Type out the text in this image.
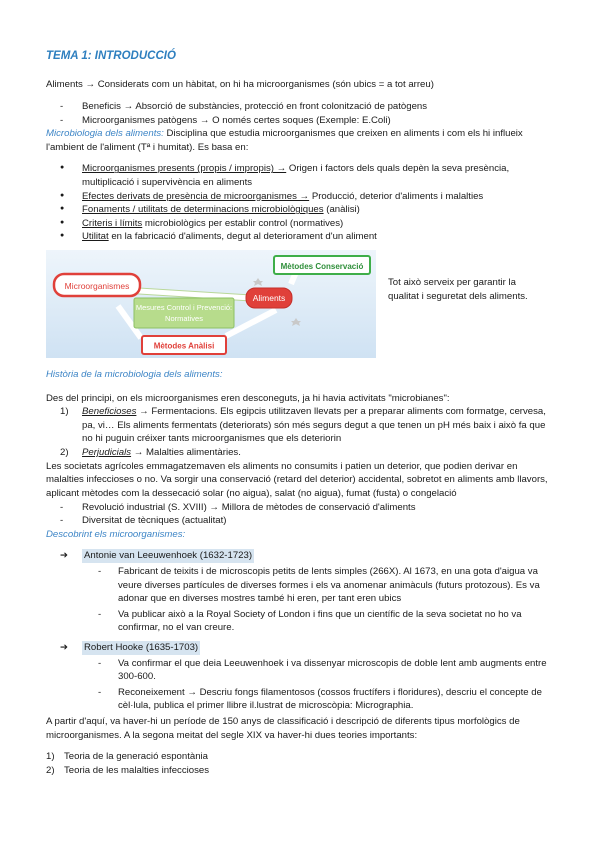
TEMA 1: INTRODUCCIÓ

Aliments → Considerats com un hàbitat, on hi ha microorganismes (són ubics = a tot arreu)

- Beneficis → Absorció de substàncies, protecció en front colonització de patògens
- Microorganismes patògens → O només certes soques (Exemple: E.Coli)

Microbiologia dels aliments: Disciplina que estudia microorganismes que creixen en aliments i com els hi influeix l'ambient de l'aliment (Tª i humitat). Es basa en:

● Microorganismes presents (propis / impropis) → Origen i factors dels quals depèn la seva presència, multiplicació i supervivència en aliments
● Efectes derivats de presència de microorganismes → Producció, deterior d'aliments i malalties
● Fonaments / utilitats de determinacions microbiològiques (anàlisi)
● Criteris i límits microbiològics per establir control (normatives)
● Utilitat en la fabricació d'aliments, degut al deteriorament d'un aliment
Microorganismes
Mètodes Conservació
Aliments
Mesures Control i Prevenció:
Normatives
Mètodes Anàlisi

Tot això serveix per garantir la qualitat i seguretat dels aliments.

Història de la microbiologia dels aliments:

Des del principi, on els microorganismes eren desconeguts, ja hi havia activitats "microbianes":

1) Beneficioses → Fermentacions. Els egipcis utilitzaven llevats per a preparar aliments com formatge, cervesa, pa, vi… Els aliments fermentats (deteriorats) són més segurs degut a que tenen un pH més baix i això fa que no hi puguin créixer tants microorganismes que els deteriorin
2) Perjudicials → Malalties alimentàries.

Les societats agrícoles emmagatzemaven els aliments no consumits i patien un deterior, que podien derivar en malalties infeccioses o no. Va sorgir una conservació (retard del deterior) accidental, sobretot en aliments amb llavors, aplicant mètodes com la dessecació solar (no aigua), salat (no aigua), fumat (fusta) o congelació

- Revolució industrial (S. XVIII) → Millora de mètodes de conservació d'aliments
- Diversitat de tècniques (actualitat)

Descobrint els microorganismes:

➔ Antonie van Leeuwenhoek (1632-1723)
- Fabricant de teixits i de microscopis petits de lents simples (266X). Al 1673, en una gota d'aigua va veure diverses partícules de diverses formes i els va anomenar animàculs (futurs protozous). Es va adonar que en diverses mostres també hi eren, per tant eren ubics
- Va publicar això a la Royal Society of London i fins que un científic de la seva societat no ho va confirmar, no el van creure.
➔ Robert Hooke (1635-1703)
- Va confirmar el que deia Leeuwenhoek i va dissenyar microscopis de doble lent amb augments entre 300-600.
- Reconeixement → Descriu fongs filamentosos (cossos fructífers i floridures), descriu el concepte de cèl·lula, publica el primer llibre il.lustrat de microscòpia: Micrographia.

A partir d'aquí, va haver-hi un període de 150 anys de classificació i descripció de diferents tipus morfològics de microorganismes. A la segona meitat del segle XIX va haver-hi dues teories importants:

1) Teoria de la generació espontània
2) Teoria de les malalties infeccioses
